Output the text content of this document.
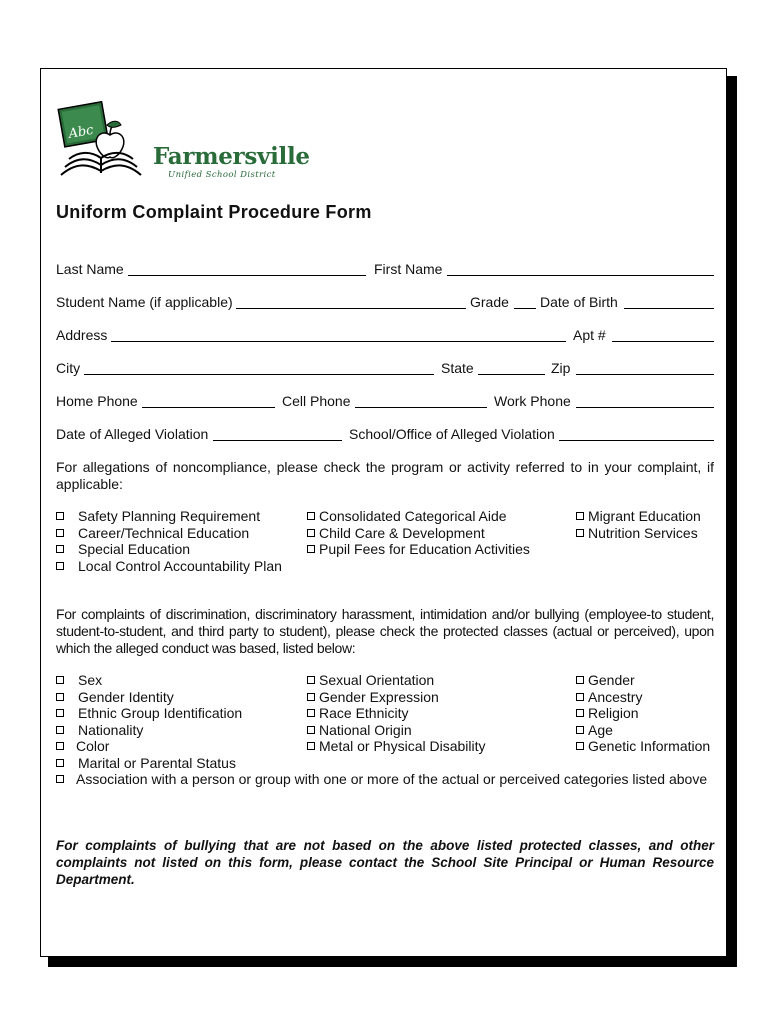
Abc
Farmersville
Unified School District
Uniform Complaint Procedure Form
Last Name	First Name
Student Name (if applicable)	Grade Date of Birth
Address	Apt #
City	State	Zip
Home Phone	Cell Phone	Work Phone
Date of Alleged Violation	School/Office of Alleged Violation
For allegations of noncompliance, please check the program or activity referred to in your complaint, if applicable:
Safety Planning Requirement
Career/Technical Education
Special Education
Local Control Accountability Plan
Consolidated Categorical Aide
Child Care & Development
Pupil Fees for Education Activities
Migrant Education
Nutrition Services
For complaints of discrimination, discriminatory harassment, intimidation and/or bullying (employee-to student, student-to-student, and third party to student), please check the protected classes (actual or perceived), upon which the alleged conduct was based, listed below:
Sex
Gender Identity
Ethnic Group Identification
Nationality
Color
Marital or Parental Status
Association with a person or group with one or more of the actual or perceived categories listed above
Sexual Orientation
Gender Expression
Race Ethnicity
National Origin
Metal or Physical Disability
Gender
Ancestry
Religion
Age
Genetic Information
For complaints of bullying that are not based on the above listed protected classes, and other complaints not listed on this form, please contact the School Site Principal or Human Resource Department.
